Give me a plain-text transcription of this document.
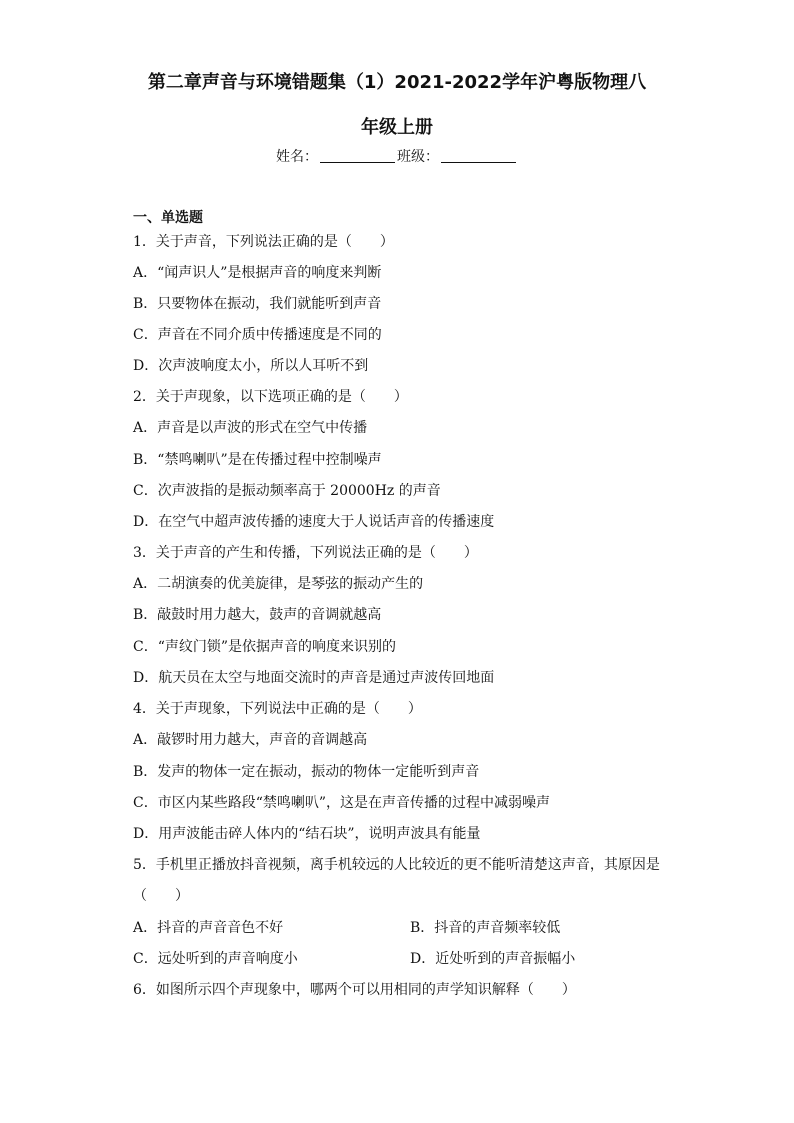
第二章声音与环境错题集（1）2021-2022学年沪粤版物理八
年级上册
姓名：	班级：
一、单选题
1．关于声音，下列说法正确的是（　　）
A．“闻声识人”是根据声音的响度来判断
B．只要物体在振动，我们就能听到声音
C．声音在不同介质中传播速度是不同的
D．次声波响度太小，所以人耳听不到
2．关于声现象，以下选项正确的是（　　）
A．声音是以声波的形式在空气中传播
B．“禁鸣喇叭”是在传播过程中控制噪声
C．次声波指的是振动频率高于 20000Hz 的声音
D．在空气中超声波传播的速度大于人说话声音的传播速度
3．关于声音的产生和传播，下列说法正确的是（　　）
A．二胡演奏的优美旋律，是琴弦的振动产生的
B．敲鼓时用力越大，鼓声的音调就越高
C．“声纹门锁”是依据声音的响度来识别的
D．航天员在太空与地面交流时的声音是通过声波传回地面
4．关于声现象，下列说法中正确的是（　　）
A．敲锣时用力越大，声音的音调越高
B．发声的物体一定在振动，振动的物体一定能听到声音
C．市区内某些路段“禁鸣喇叭”，这是在声音传播的过程中减弱噪声
D．用声波能击碎人体内的“结石块”，说明声波具有能量
5．手机里正播放抖音视频，离手机较远的人比较近的更不能听清楚这声音，其原因是
（　　）
A．抖音的声音音色不好	B．抖音的声音频率较低
C．远处听到的声音响度小	D．近处听到的声音振幅小
6．如图所示四个声现象中，哪两个可以用相同的声学知识解释（　　）
